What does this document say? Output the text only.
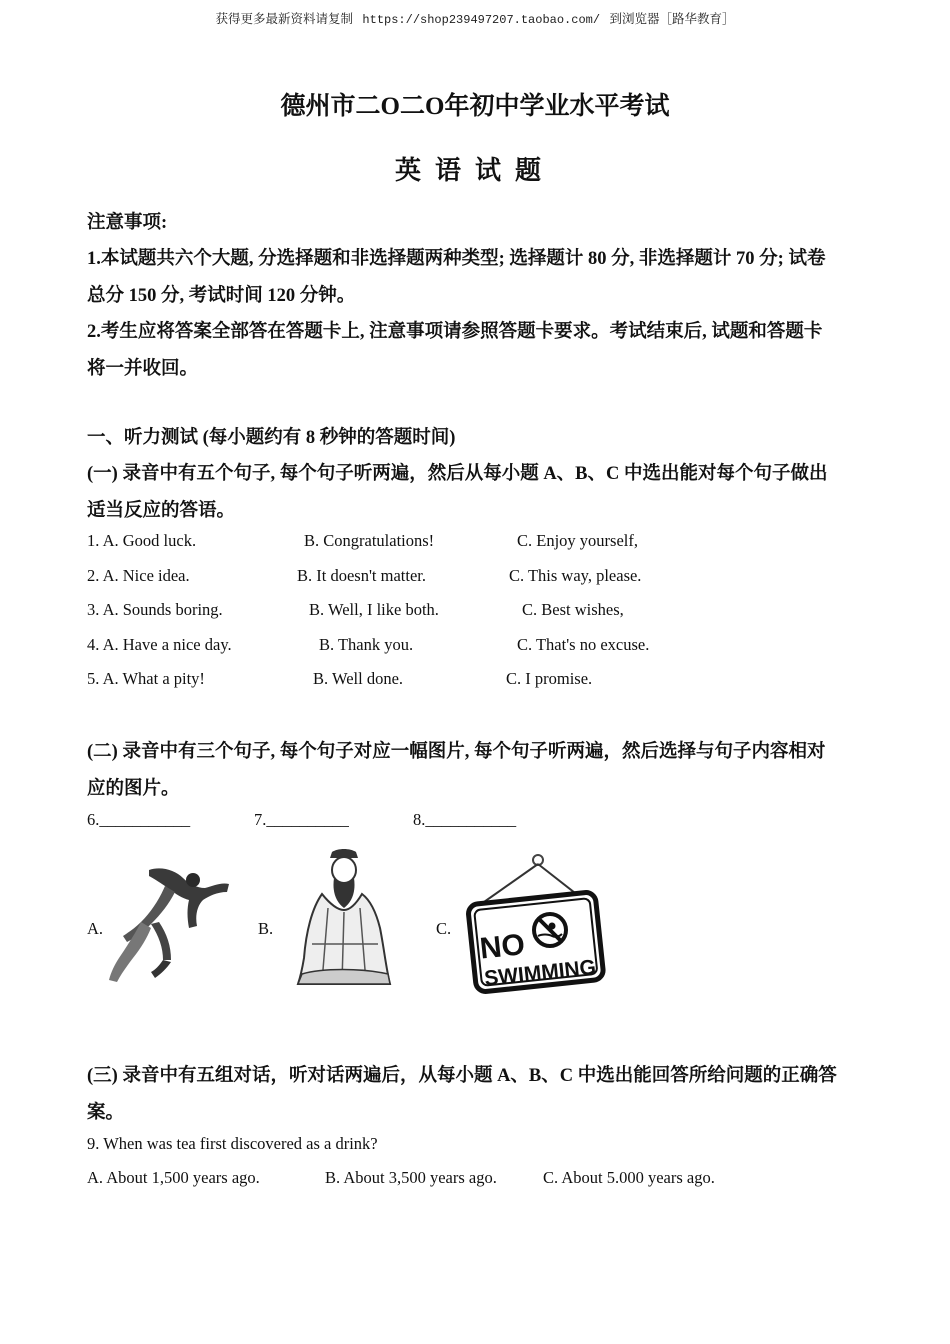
获得更多最新资料请复制 https://shop239497207.taobao.com/ 到浏览器［路华教育］
德州市二O二O年初中学业水平考试
英语试题
注意事项:
1.本试题共六个大题, 分选择题和非选择题两种类型; 选择题计 80 分, 非选择题计 70 分; 试卷
总分 150 分, 考试时间 120 分钟。
2.考生应将答案全部答在答题卡上, 注意事项请参照答题卡要求。考试结束后, 试题和答题卡
将一并收回。
一、听力测试 (每小题约有 8 秒钟的答题时间)
(一) 录音中有五个句子, 每个句子听两遍，然后从每小题 A、B、C 中选出能对每个句子做出
适当反应的答语。
1. A. Good luck.	B. Congratulations!	C. Enjoy yourself,
2. A. Nice idea.	B. It doesn't matter.	C. This way, please.
3. A. Sounds boring.	B. Well, I like both.	C. Best wishes,
4. A. Have a nice day.	B. Thank you.	C. That's no excuse.
5. A. What a pity!	B. Well done.	C. I promise.
(二) 录音中有三个句子, 每个句子对应一幅图片, 每个句子听两遍，然后选择与句子内容相对
应的图片。
6.___________	7.__________	8.___________
A.	B.	C. NO
SWIMMING
(三) 录音中有五组对话，听对话两遍后，从每小题 A、B、C 中选出能回答所给问题的正确答
案。
9. When was tea first discovered as a drink?
A. About 1,500 years ago.	B. About 3,500 years ago.	C. About 5.000 years ago.
